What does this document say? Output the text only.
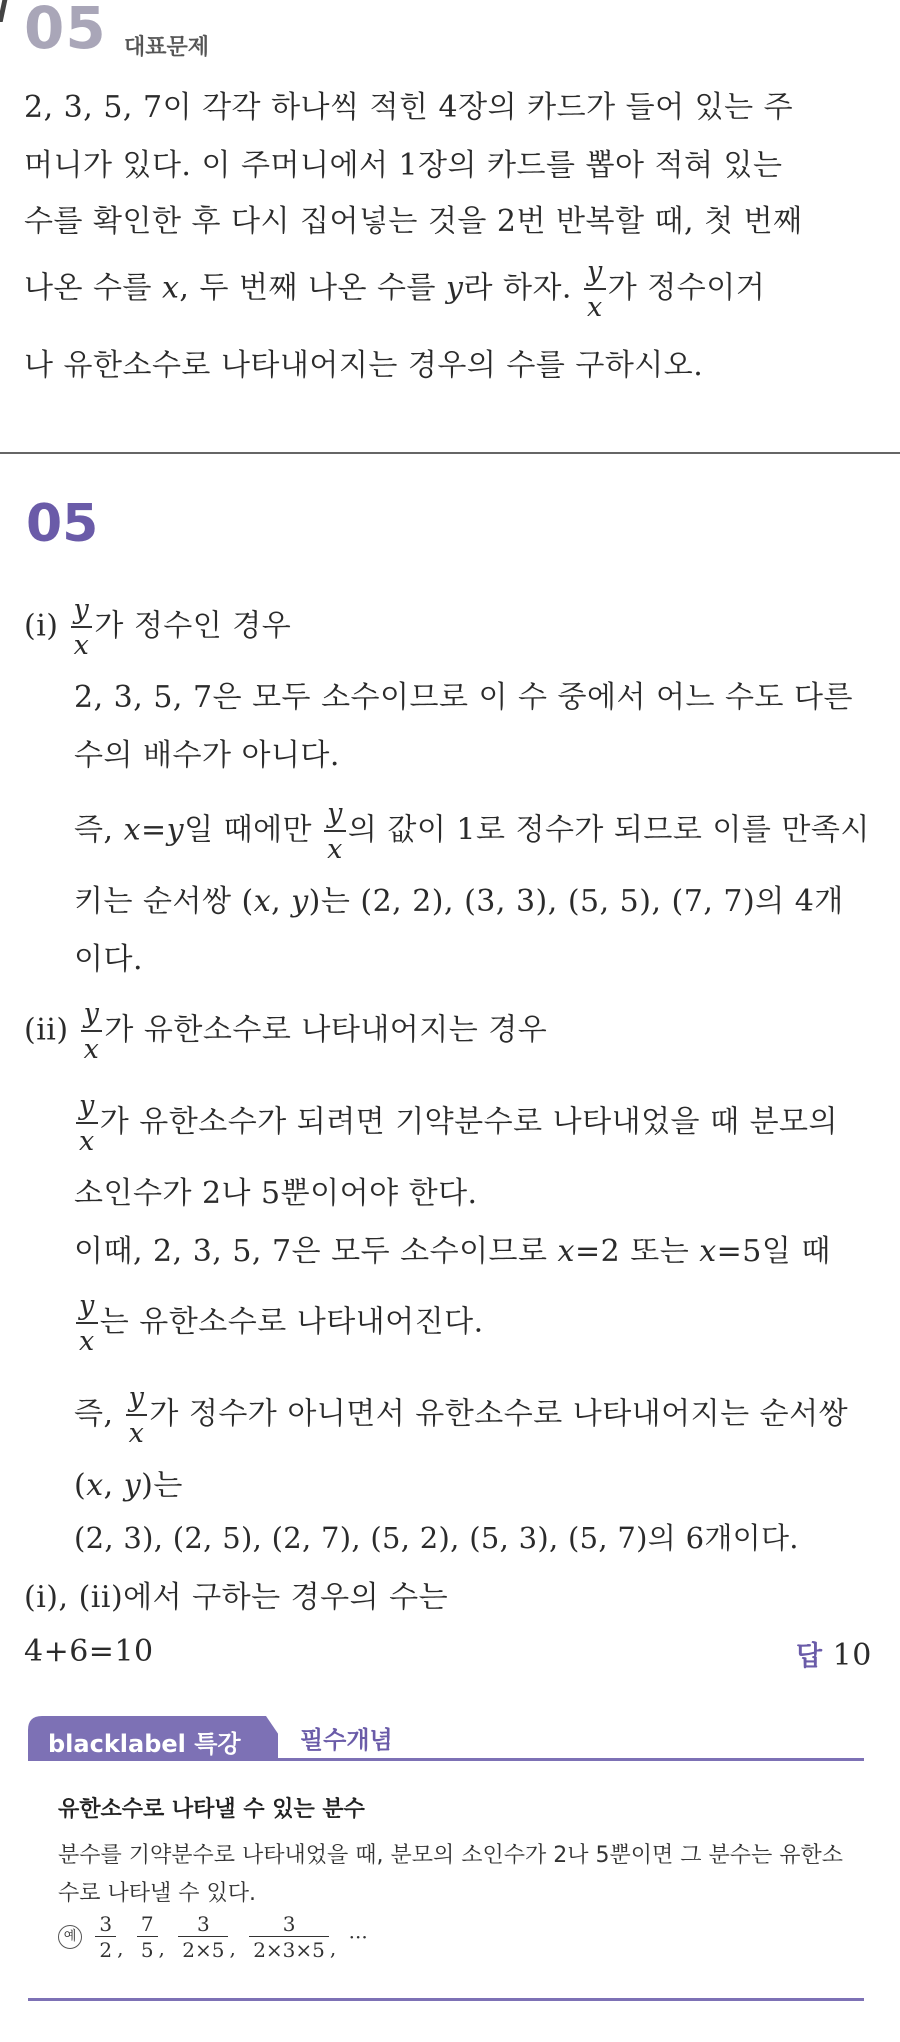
05 대표문제
2, 3, 5, 7이 각각 하나씩 적힌 4장의 카드가 들어 있는 주
머니가 있다. 이 주머니에서 1장의 카드를 뽑아 적혀 있는
수를 확인한 후 다시 집어넣는 것을 2번 반복할 때, 첫 번째
나온 수를 x, 두 번째 나온 수를 y라 하자. $\frac{y}{x}$ 가 정수이거
나 유한소수로 나타내어지는 경우의 수를 구하시오.
05
$(i) \frac{y}{x}$ 가 정수인 경우
2, 3, 5, 7은 모두 소수이므로 이 수 중에서 어느 수도 다른
수의 배수가 아니다.
즉, x=y일 때에만 $\frac{y}{x}$ 의 값이 1로 정수가 되므로 이를 만족시
키는 순서쌍 (x, y)는 (2, 2), (3, 3), (5, 5), (7, 7)의 4개
이다.
$(ii) \frac{y}{x}$ 가 유한소수로 나타내어지는 경우
$\frac{y}{x}$ 가 유한소수가 되려면 기약분수로 나타내었을 때 분모의
소인수가 2나 5뿐이어야 한다.
이때, 2, 3, 5, 7은 모두 소수이므로 x=2 또는 x=5일 때
$\frac{y}{x}$ 는 유한소수로 나타내어진다.
즉, $\frac{y}{x}$ 가 정수가 아니면서 유한소수로 나타내어지는 순서쌍
(x, y)는
(2, 3), (2, 5), (2, 7), (5, 2), (5, 3), (5, 7)의 6개이다.
(i), (ii)에서 구하는 경우의 수는
4+6=10	답 10
blacklabel 특강 필수개념
유한소수로 나타낼 수 있는 분수
분수를 기약분수로 나타내었을 때, 분모의 소인수가 2나 5뿐이면 그 분수는 유한소
수로 나타낼 수 있다.
예 $\frac{3}{2}$ , $\frac{7}{5}$ , $\frac{3}{2\times 5}$ , $\frac{3}{2\times 3\times 5}$ , ···
